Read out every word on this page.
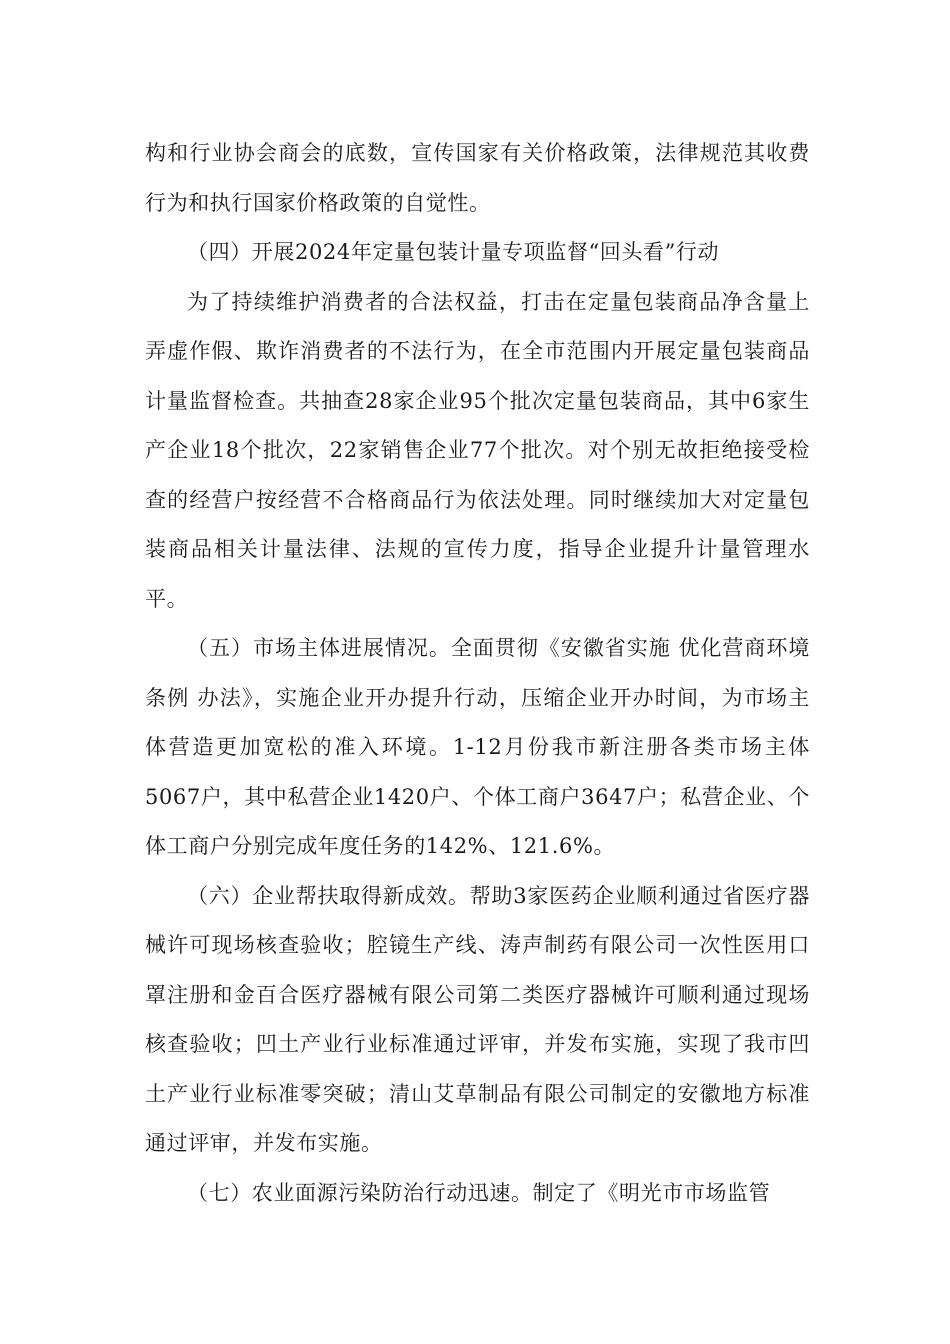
构和行业协会商会的底数，宣传国家有关价格政策，法律规范其收费行为和执行国家价格政策的自觉性。

（四）开展2024年定量包装计量专项监督“回头看”行动

为了持续维护消费者的合法权益，打击在定量包装商品净含量上弄虚作假、欺诈消费者的不法行为，在全市范围内开展定量包装商品计量监督检查。共抽查28家企业95个批次定量包装商品，其中6家生产企业18个批次，22家销售企业77个批次。对个别无故拒绝接受检查的经营户按经营不合格商品行为依法处理。同时继续加大对定量包装商品相关计量法律、法规的宣传力度，指导企业提升计量管理水平。

（五）市场主体进展情况。全面贯彻《安徽省实施 优化营商环境条例 办法》，实施企业开办提升行动，压缩企业开办时间，为市场主体营造更加宽松的准入环境。1-12月份我市新注册各类市场主体5067户，其中私营企业1420户、个体工商户3647户；私营企业、个体工商户分别完成年度任务的142%、121.6%。

（六）企业帮扶取得新成效。帮助3家医药企业顺利通过省医疗器械许可现场核查验收；腔镜生产线、涛声制药有限公司一次性医用口罩注册和金百合医疗器械有限公司第二类医疗器械许可顺利通过现场核查验收；凹土产业行业标准通过评审，并发布实施，实现了我市凹土产业行业标准零突破；清山艾草制品有限公司制定的安徽地方标准通过评审，并发布实施。

（七）农业面源污染防治行动迅速。制定了《明光市市场监管
